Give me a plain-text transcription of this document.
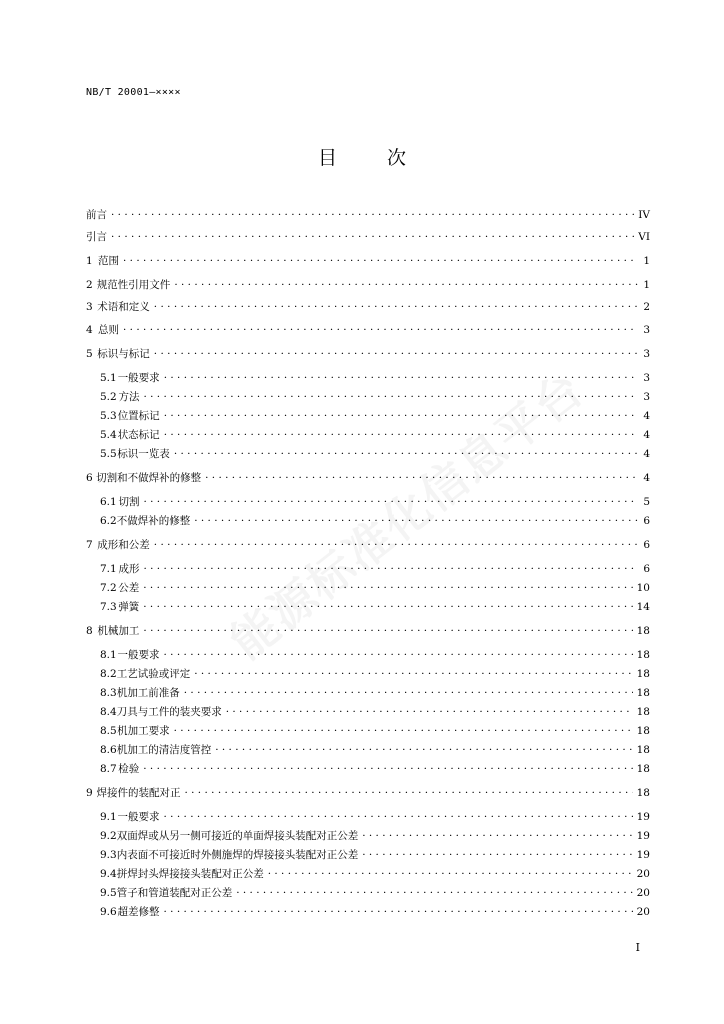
NB/T 20001—××××
目 次
能源标准化信息平台
前言 · · ·	IV
引言 · · ·	VI
1 范围 · · ·	1
2 规范性引用文件 · · ·	1
3 术语和定义 · · ·	2
4 总则 · · ·	3
5 标识与标记 · · ·	3
5.1 一般要求 · · ·	3
5.2 方法 · · ·	3
5.3 位置标记 · · ·	4
5.4 状态标记 · · ·	4
5.5 标识一览表 · · ·	4
6 切割和不做焊补的修整 · · ·	4
6.1 切割 · · ·	5
6.2 不做焊补的修整 · · ·	6
7 成形和公差 · · ·	6
7.1 成形 · · ·	6
7.2 公差 · · ·	10
7.3 弹簧 · · ·	14
8 机械加工 · · ·	18
8.1 一般要求 · · ·	18
8.2 工艺试验或评定 · · ·	18
8.3 机加工前准备 · · ·	18
8.4 刀具与工件的装夹要求 · · ·	18
8.5 机加工要求 · · ·	18
8.6 机加工的清洁度管控 · · ·	18
8.7 检验 · · ·	18
9 焊接件的装配对正 · · ·	18
9.1 一般要求 · · ·	19
9.2 双面焊或从另一侧可接近的单面焊接头装配对正公差 · · ·	19
9.3 内表面不可接近时外侧施焊的焊接接头装配对正公差 · · ·	19
9.4 拼焊封头焊接接头装配对正公差 · · ·	20
9.5 管子和管道装配对正公差 · · ·	20
9.6 超差修整 · · ·	20
I
